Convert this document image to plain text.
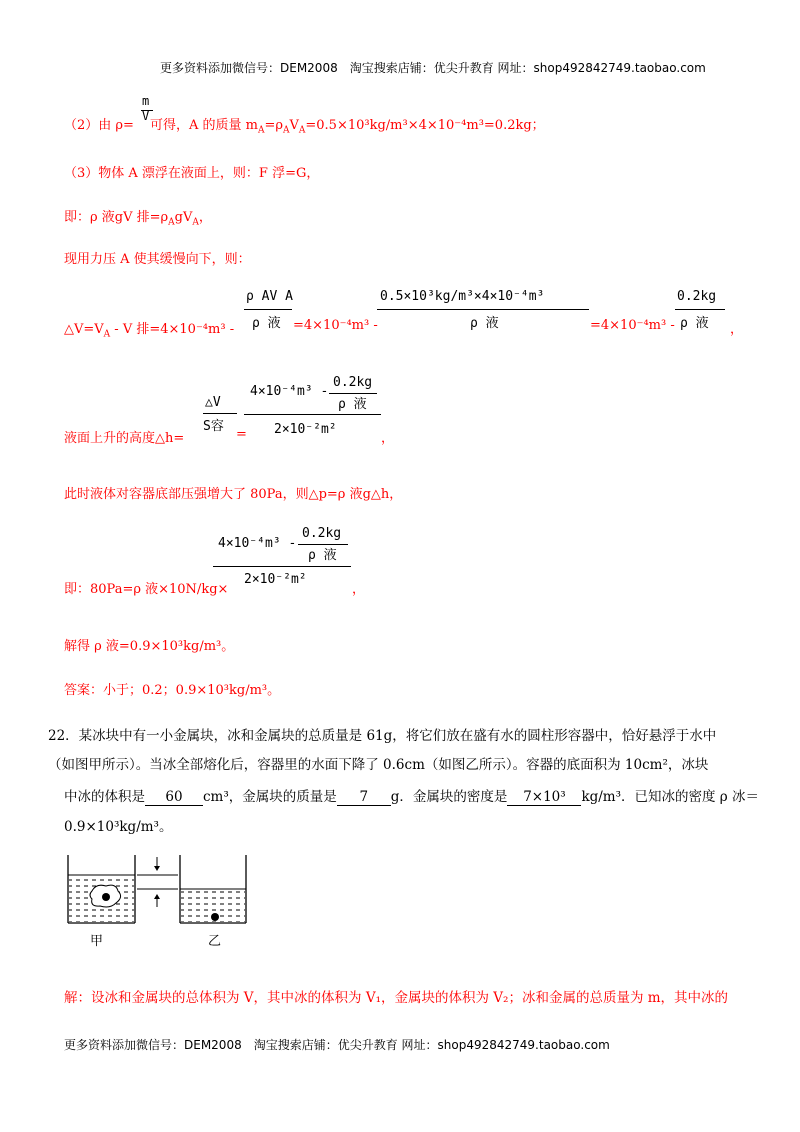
更多资料添加微信号：DEM2008　淘宝搜索店铺：优尖升教育 网址：shop492842749.taobao.com
m
V
（2）由 ρ= 可得，A 的质量 $m_A=\rho_AV_A=0.5\times 10^3kg/m^3\times 4\times 10^{-4}m^3=0.2kg$；
（3）物体 A 漂浮在液面上，则：F 浮=G，
即：ρ 液gV 排$=\rho_AgV_A$，
现用力压 A 使其缓慢向下，则：
ρ AV A
ρ 液
0.5×10³kg/m³×4×10⁻⁴m³
ρ 液
0.2kg
ρ 液
$\triangle V=V_A - V$ 排=4×10⁻⁴m³ -	=4×10⁻⁴m³ -	=4×10⁻⁴m³ -	，
△V
S容
4×10⁻⁴m³ -
0.2kg
ρ 液
2×10⁻²m²
液面上升的高度△h=	=	，
此时液体对容器底部压强增大了 80Pa，则△p=ρ 液g△h，
4×10⁻⁴m³ -
0.2kg
ρ 液
2×10⁻²m²
即：80Pa=ρ 液×10N/kg×	，
解得 ρ 液=0.9×10³kg/m³。
答案：小于；0.2；0.9×10³kg/m³。
22．某冰块中有一小金属块，冰和金属块的总质量是 61g，将它们放在盛有水的圆柱形容器中，恰好悬浮于水中
（如图甲所示）。当冰全部熔化后，容器里的水面下降了 0.6cm（如图乙所示）。容器的底面积为 10cm²，冰块
中冰的体积是 60 cm³，金属块的质量是 7 g．金属块的密度是 7×10³ kg/m³．已知冰的密度 ρ 冰＝
0.9×10³kg/m³。
甲	乙
解：设冰和金属块的总体积为 V，其中冰的体积为 V₁，金属块的体积为 V₂；冰和金属的总质量为 m，其中冰的
更多资料添加微信号：DEM2008　淘宝搜索店铺：优尖升教育 网址：shop492842749.taobao.com
